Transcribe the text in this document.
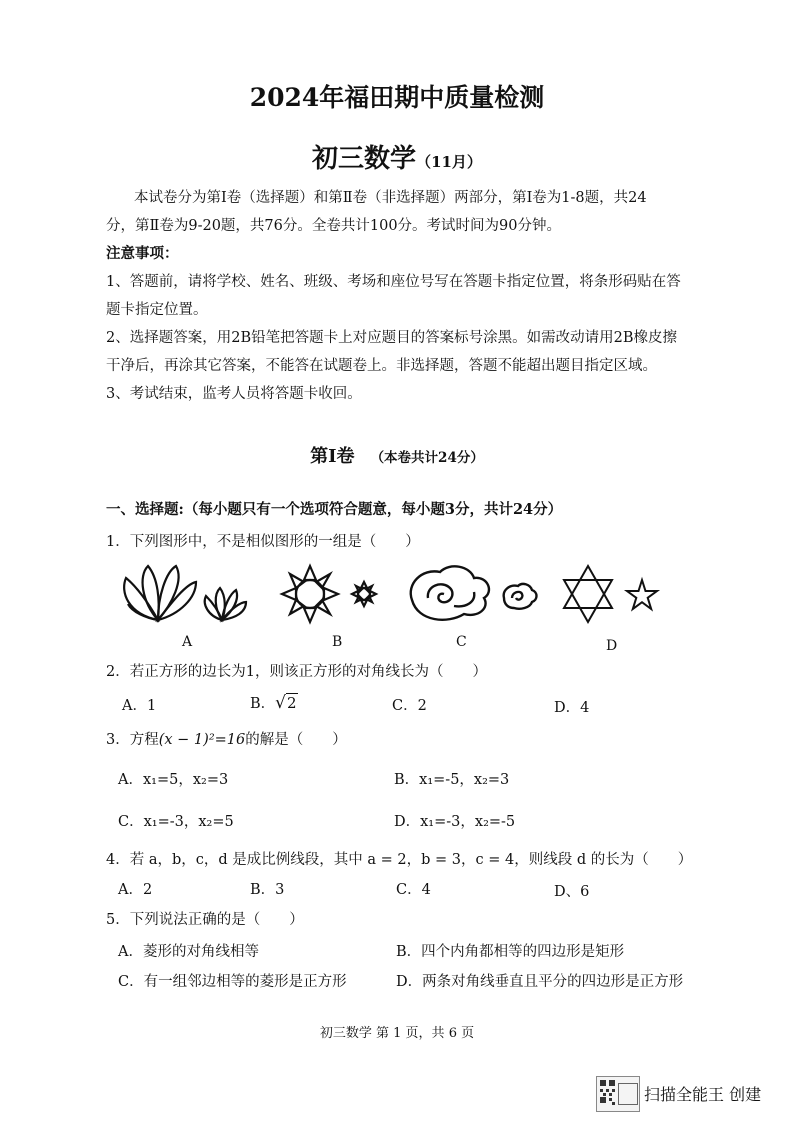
2024年福田期中质量检测
初三数学（11月）
本试卷分为第Ⅰ卷（选择题）和第Ⅱ卷（非选择题）两部分，第Ⅰ卷为1-8题，共24
分，第Ⅱ卷为9-20题，共76分。全卷共计100分。考试时间为90分钟。
注意事项：
1、答题前，请将学校、姓名、班级、考场和座位号写在答题卡指定位置，将条形码贴在答
题卡指定位置。
2、选择题答案，用2B铅笔把答题卡上对应题目的答案标号涂黑。如需改动请用2B橡皮擦
干净后，再涂其它答案，不能答在试题卷上。非选择题，答题不能超出题目指定区域。
3、考试结束，监考人员将答题卡收回。
第Ⅰ卷 （本卷共计24分）
一、选择题:（每小题只有一个选项符合题意，每小题3分，共计24分）
1．下列图形中，不是相似图形的一组是（　　）
A	B	C	D
2．若正方形的边长为1，则该正方形的对角线长为（　　）
A．1	B．√2	C．2	D．4
3．方程(x − 1)²=16的解是（　　）
A．x₁=5，x₂=3	B．x₁=-5，x₂=3
C．x₁=-3，x₂=5	D．x₁=-3，x₂=-5
4．若 a，b，c，d 是成比例线段，其中 a = 2，b = 3，c = 4，则线段 d 的长为（　　）
A．2	B．3	C．4	D、6
5．下列说法正确的是（　　）
A．菱形的对角线相等	B．四个内角都相等的四边形是矩形
C．有一组邻边相等的菱形是正方形	D．两条对角线垂直且平分的四边形是正方形
初三数学 第 1 页，共 6 页
扫描全能王 创建
